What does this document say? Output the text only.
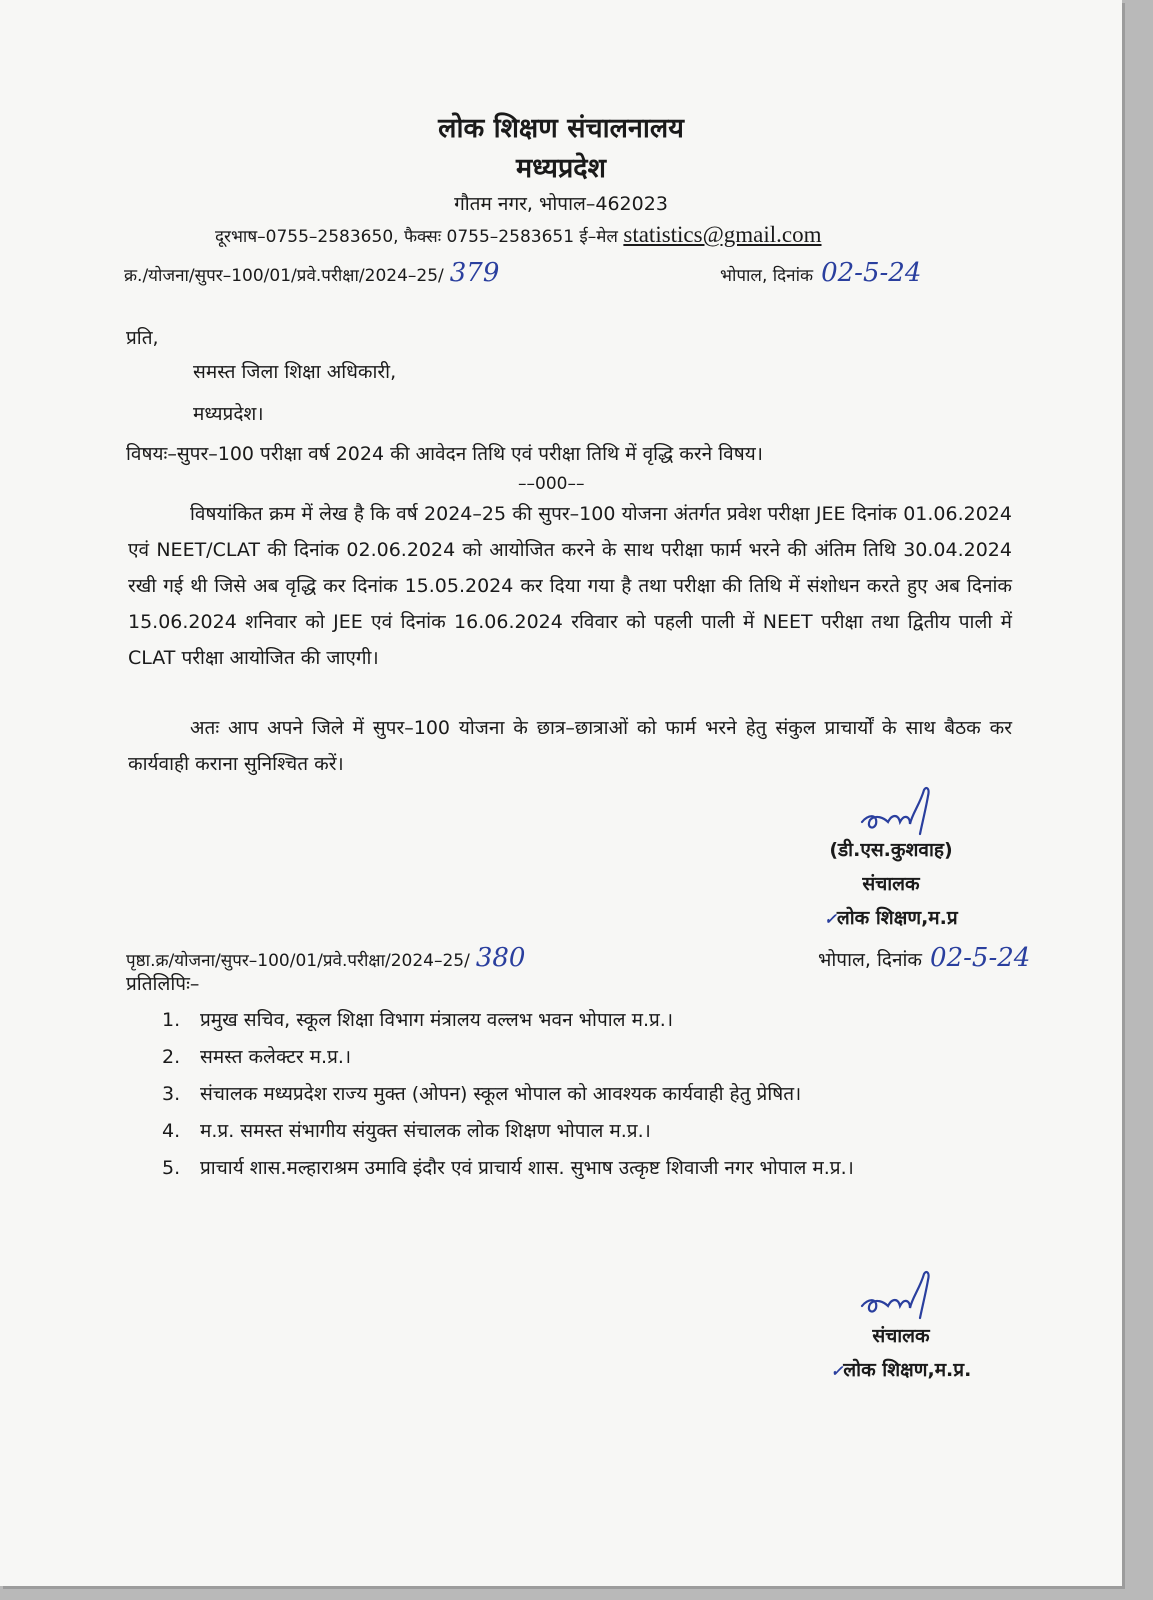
लोक शिक्षण संचालनालय
मध्यप्रदेश
गौतम नगर, भोपाल–462023
दूरभाष–0755–2583650, फैक्सः 0755–2583651 ई–मेल statistics@gmail.com
क्र./योजना/सुपर–100/01/प्रवे.परीक्षा/2024–25/ 379	भोपाल, दिनांक 02-5-24
प्रति,
समस्त जिला शिक्षा अधिकारी,
मध्यप्रदेश।
विषयः–सुपर–100 परीक्षा वर्ष 2024 की आवेदन तिथि एवं परीक्षा तिथि में वृद्धि करने विषय।
––000––
विषयांकित क्रम में लेख है कि वर्ष 2024–25 की सुपर–100 योजना अंतर्गत प्रवेश परीक्षा JEE दिनांक 01.06.2024 एवं NEET/CLAT की दिनांक 02.06.2024 को आयोजित करने के साथ परीक्षा फार्म भरने की अंतिम तिथि 30.04.2024 रखी गई थी जिसे अब वृद्धि कर दिनांक 15.05.2024 कर दिया गया है तथा परीक्षा की तिथि में संशोधन करते हुए अब दिनांक 15.06.2024 शनिवार को JEE एवं दिनांक 16.06.2024 रविवार को पहली पाली में NEET परीक्षा तथा द्वितीय पाली में CLAT परीक्षा आयोजित की जाएगी।
अतः आप अपने जिले में सुपर–100 योजना के छात्र–छात्राओं को फार्म भरने हेतु संकुल प्राचार्यों के साथ बैठक कर कार्यवाही कराना सुनिश्चित करें।
(डी.एस.कुशवाह)
संचालक
✓लोक शिक्षण,म.प्र
पृष्ठा.क्र/योजना/सुपर–100/01/प्रवे.परीक्षा/2024–25/ 380	भोपाल, दिनांक 02-5-24
प्रतिलिपिः–
1. प्रमुख सचिव, स्कूल शिक्षा विभाग मंत्रालय वल्लभ भवन भोपाल म.प्र.।
2. समस्त कलेक्टर म.प्र.।
3. संचालक मध्यप्रदेश राज्य मुक्त (ओपन) स्कूल भोपाल को आवश्यक कार्यवाही हेतु प्रेषित।
4. म.प्र. समस्त संभागीय संयुक्त संचालक लोक शिक्षण भोपाल म.प्र.।
5. प्राचार्य शास.मल्हाराश्रम उमावि इंदौर एवं प्राचार्य शास. सुभाष उत्कृष्ट शिवाजी नगर भोपाल म.प्र.।
संचालक
✓लोक शिक्षण,म.प्र.
